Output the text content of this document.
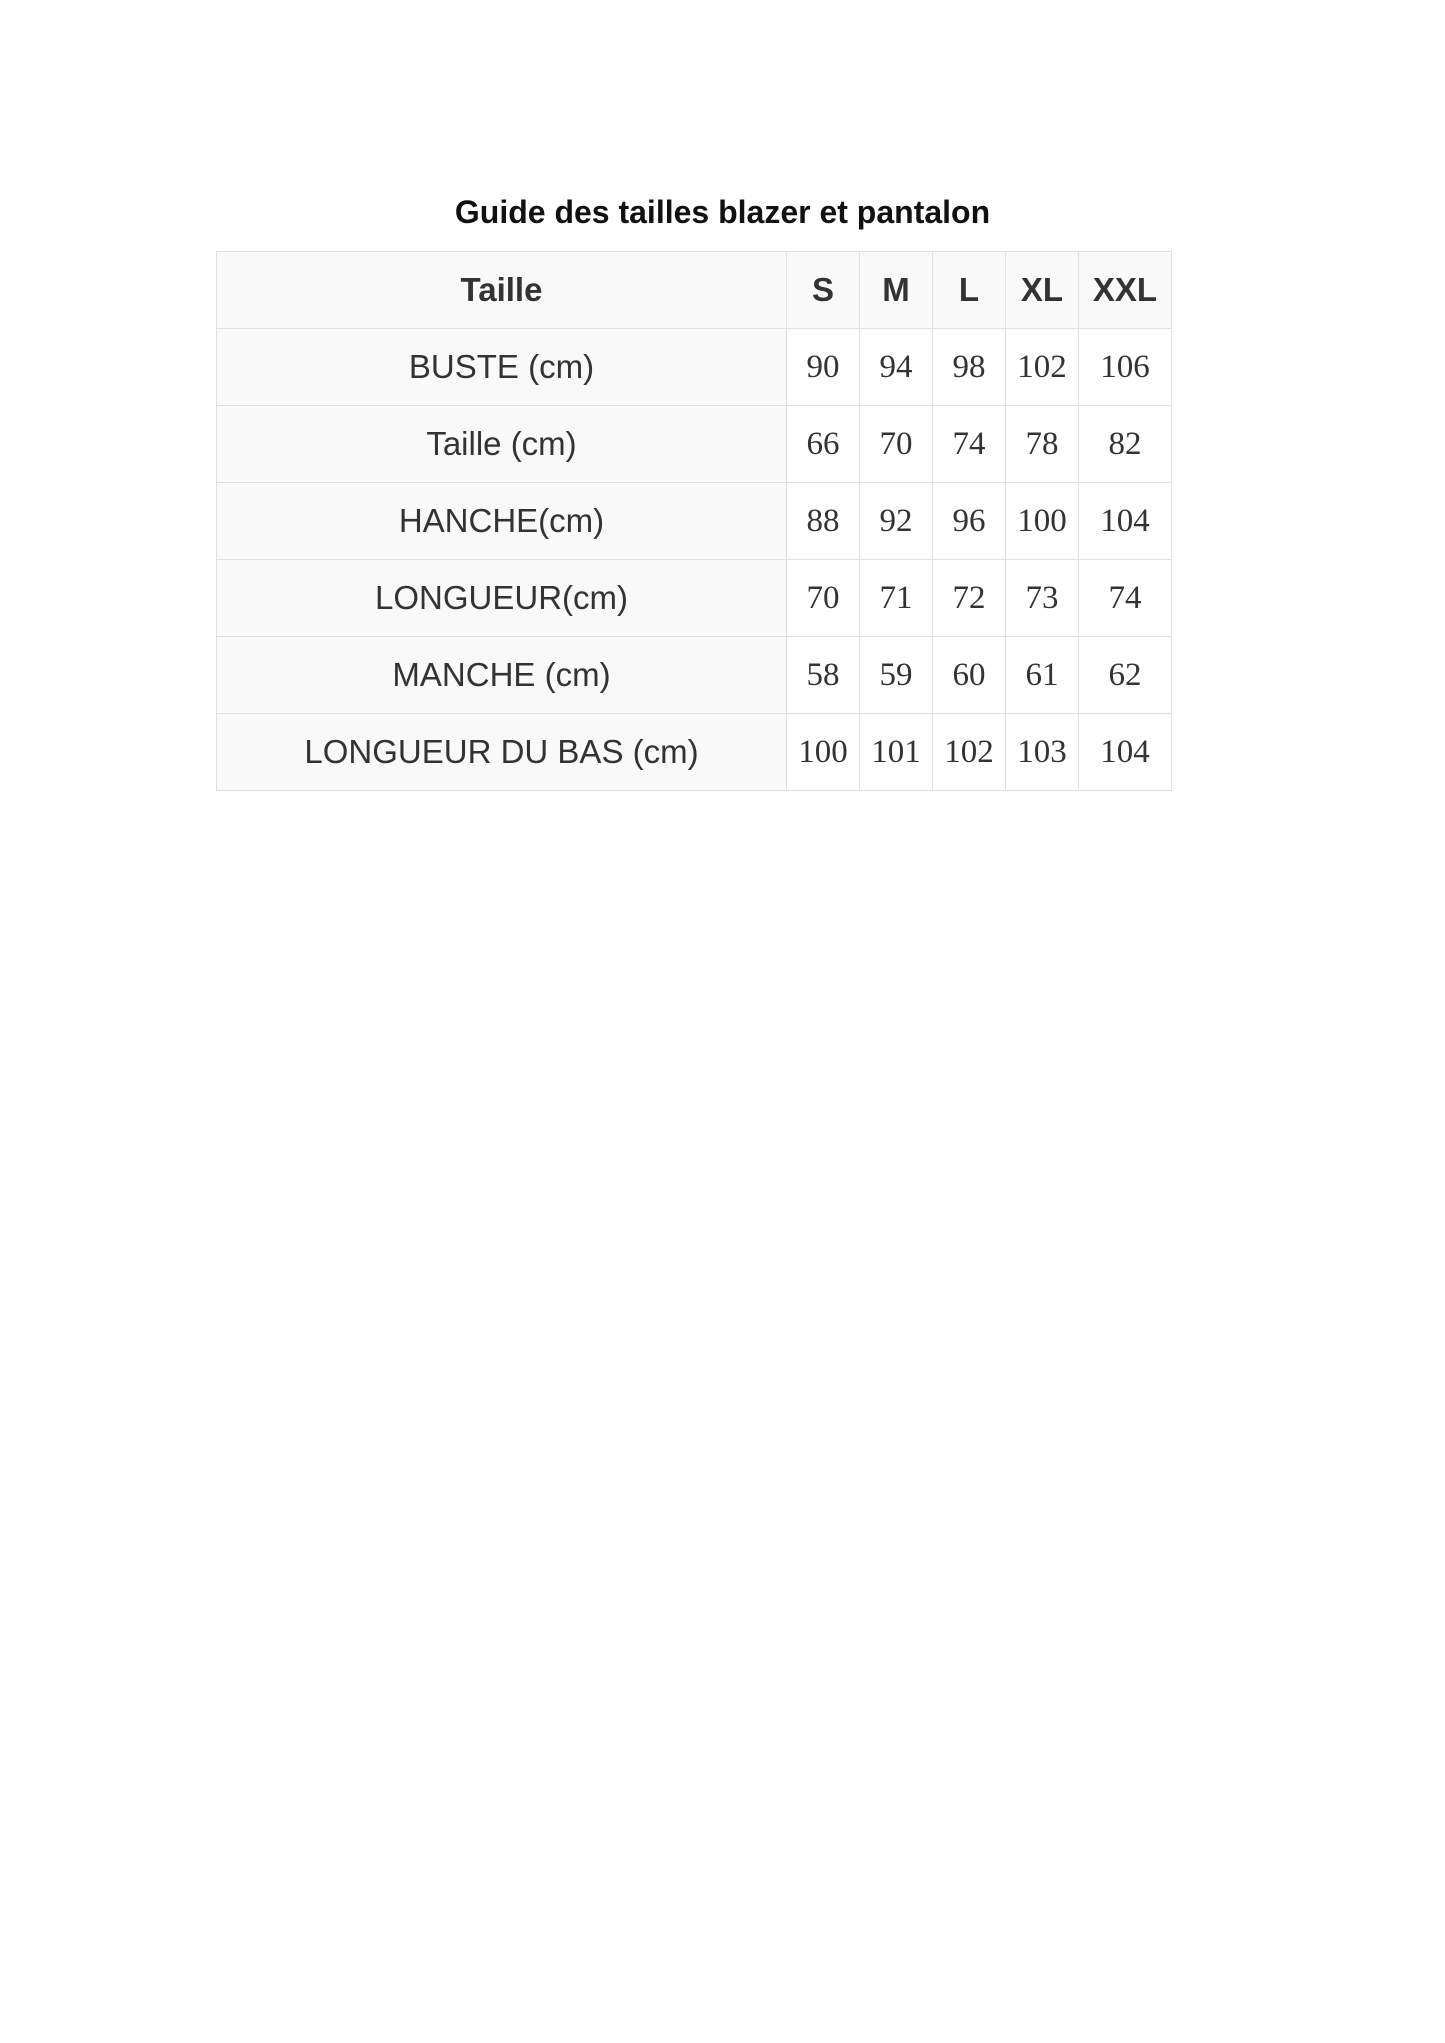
Guide des tailles blazer et pantalon
Taille	S	M	L	XL	XXL
BUSTE (cm)	90	94	98	102	106
Taille (cm)	66	70	74	78	82
HANCHE(cm)	88	92	96	100	104
LONGUEUR(cm)	70	71	72	73	74
MANCHE (cm)	58	59	60	61	62
LONGUEUR DU BAS (cm)	100	101	102	103	104
